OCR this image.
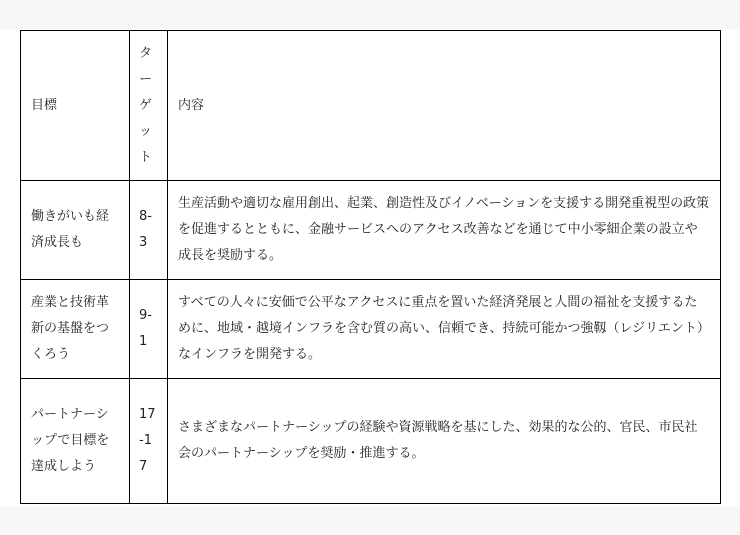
目標	ターゲット	内容

働きがいも経済成長も	8-3	生産活動や適切な雇用創出、起業、創造性及びイノベーションを支援する開発重視型の政策を促進するとともに、金融サービスへのアクセス改善などを通じて中小零細企業の設立や成長を奨励する。

産業と技術革新の基盤をつくろう	9-1	すべての人々に安価で公平なアクセスに重点を置いた経済発展と人間の福祉を支援するために、地域・越境インフラを含む質の高い、信頼でき、持続可能かつ強靱（レジリエント）なインフラを開発する。

パートナーシップで目標を達成しよう	17-17	さまざまなパートナーシップの経験や資源戦略を基にした、効果的な公的、官民、市民社会のパートナーシップを奨励・推進する。
